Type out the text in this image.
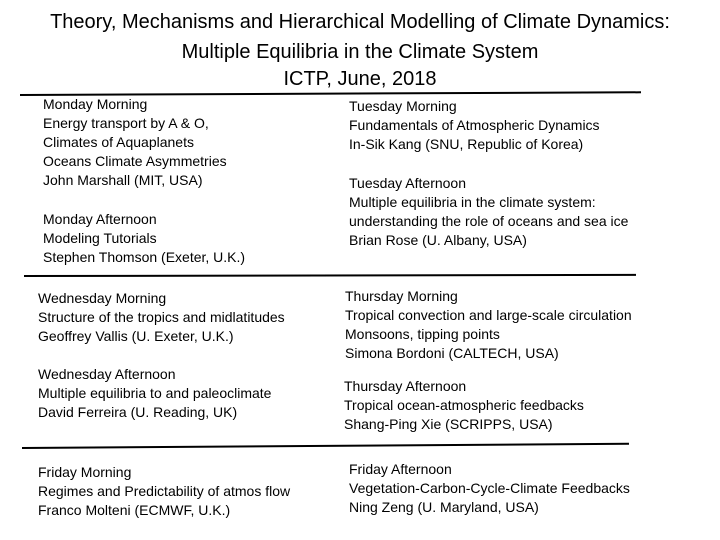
Theory, Mechanisms and Hierarchical Modelling of Climate Dynamics:
Multiple Equilibria in the Climate System
ICTP, June, 2018
Monday Morning
Energy transport by A & O,
Climates of Aquaplanets
Oceans Climate Asymmetries
John Marshall (MIT, USA)
Monday Afternoon
Modeling Tutorials
Stephen Thomson (Exeter, U.K.)
Tuesday Morning
Fundamentals of Atmospheric Dynamics
In-Sik Kang (SNU, Republic of Korea)
Tuesday Afternoon
Multiple equilibria in the climate system:
understanding the role of oceans and sea ice
Brian Rose (U. Albany, USA)
Wednesday Morning
Structure of the tropics and midlatitudes
Geoffrey Vallis (U. Exeter, U.K.)
Wednesday Afternoon
Multiple equilibria to and paleoclimate
David Ferreira (U. Reading, UK)
Thursday Morning
Tropical convection and large-scale circulation
Monsoons, tipping points
Simona Bordoni (CALTECH, USA)
Thursday Afternoon
Tropical ocean-atmospheric feedbacks
Shang-Ping Xie (SCRIPPS, USA)
Friday Morning
Regimes and Predictability of atmos flow
Franco Molteni (ECMWF, U.K.)
Friday Afternoon
Vegetation-Carbon-Cycle-Climate Feedbacks
Ning Zeng (U. Maryland, USA)
